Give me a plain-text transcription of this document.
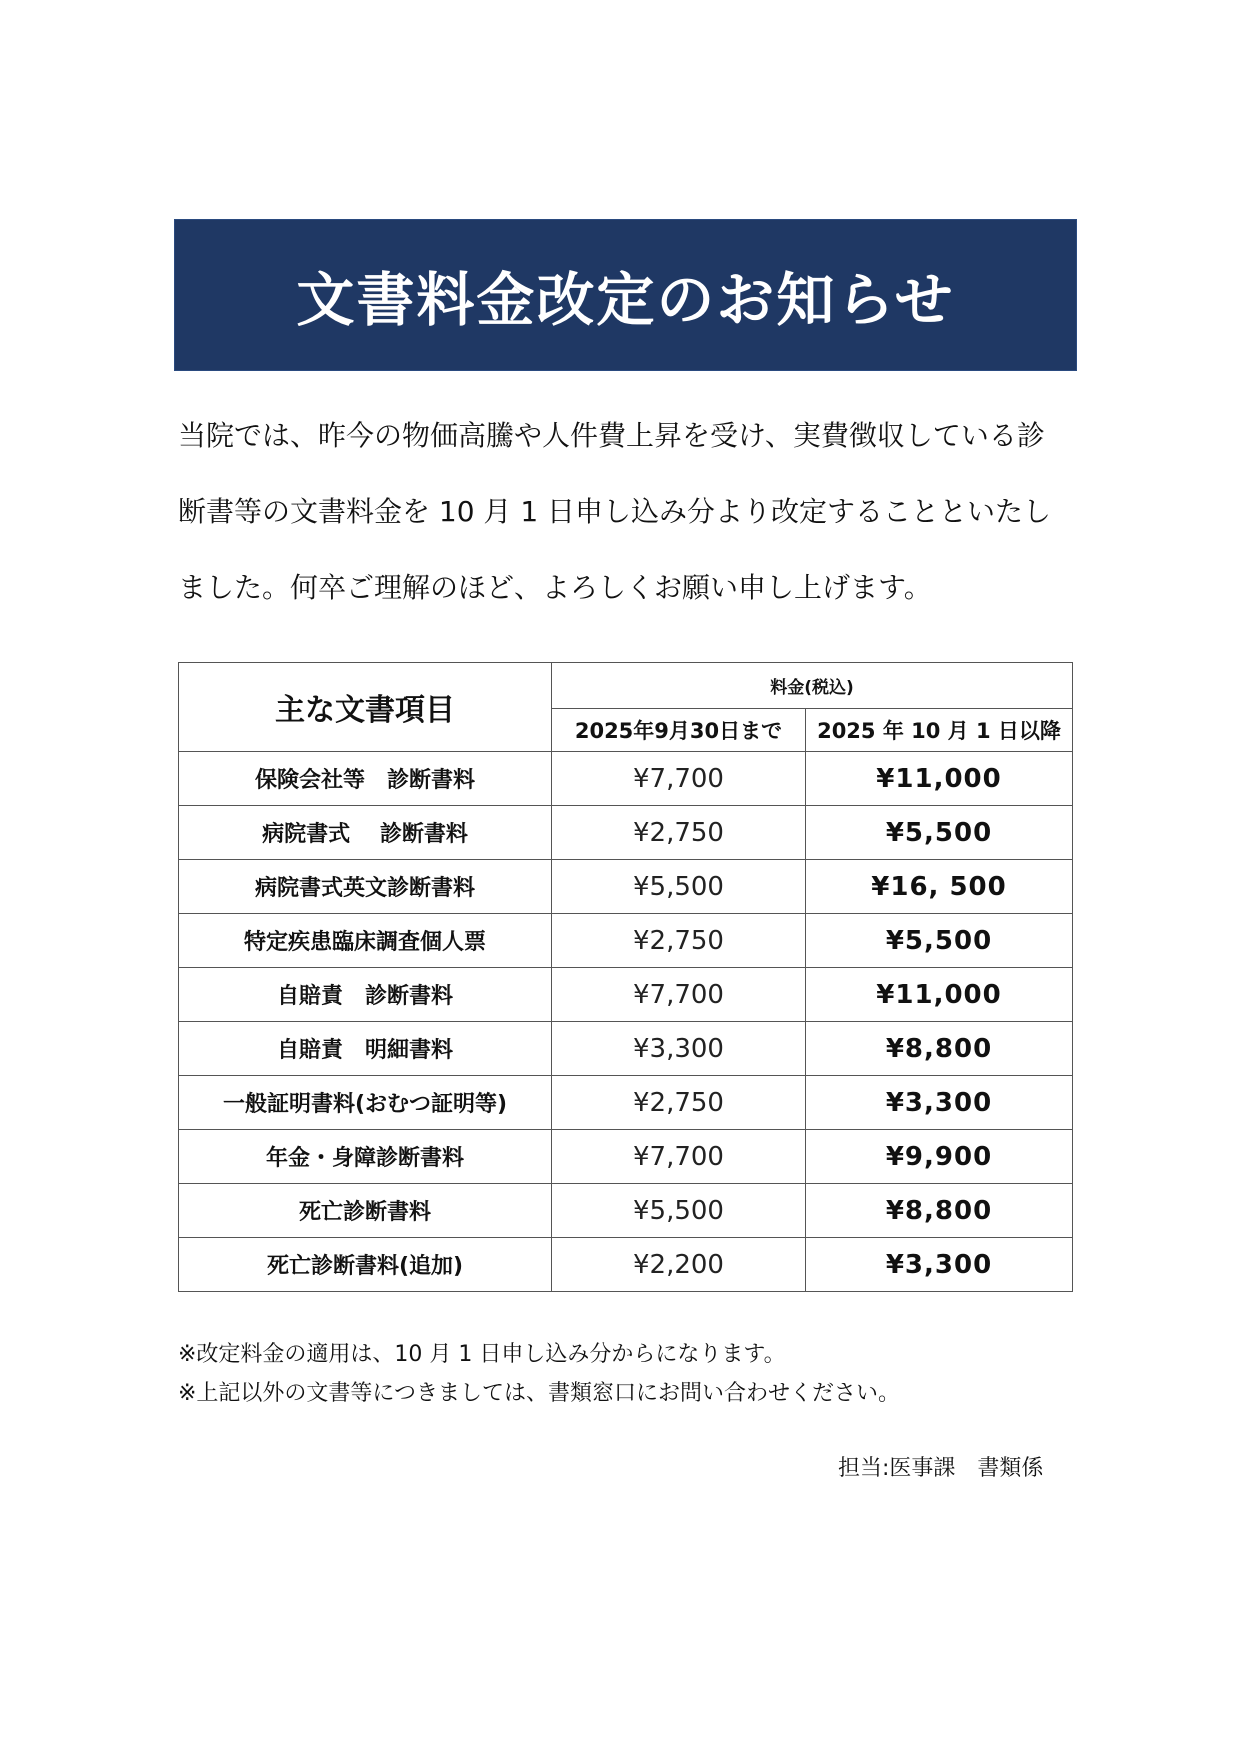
文書料金改定のお知らせ

当院では、昨今の物価高騰や人件費上昇を受け、実費徴収している診
断書等の文書料金を 10 月 1 日申し込み分より改定することといたし
ました。何卒ご理解のほど、よろしくお願い申し上げます。

主な文書項目	料金(税込)	
	2025年9月30日まで	2025 年 10 月 1 日以降
保険会社等　診断書料	¥7,700	¥11,000
病院書式　 診断書料	¥2,750	¥5,500
病院書式英文診断書料	¥5,500	¥16, 500
特定疾患臨床調査個人票	¥2,750	¥5,500
自賠責　診断書料	¥7,700	¥11,000
自賠責　明細書料	¥3,300	¥8,800
一般証明書料(おむつ証明等)	¥2,750	¥3,300
年金・身障診断書料	¥7,700	¥9,900
死亡診断書料	¥5,500	¥8,800
死亡診断書料(追加)	¥2,200	¥3,300
※改定料金の適用は、10 月 1 日申し込み分からになります。
※上記以外の文書等につきましては、書類窓口にお問い合わせください。
担当:医事課　書類係
